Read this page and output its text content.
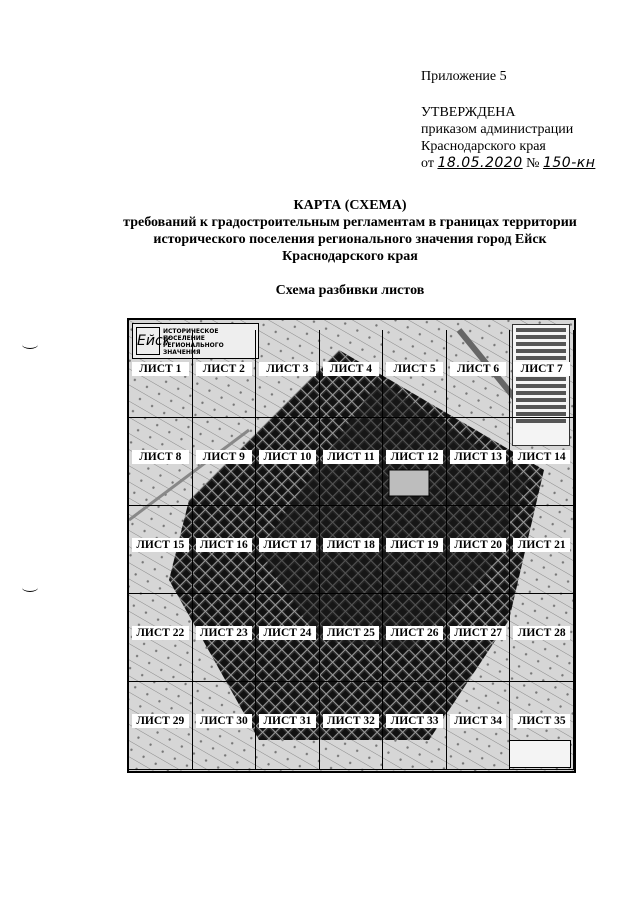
Приложение 5
УТВЕРЖДЕНА
приказом администрации
Краснодарского края
от 18.05.2020 № 150-кн
КАРТА (СХЕМА)
требований к градостроительным регламентам в границах территории
исторического поселения регионального значения город Ейск
Краснодарского края
Схема разбивки листов
Ейск
ИСТОРИЧЕСКОЕ ПОСЕЛЕНИЕ
РЕГИОНАЛЬНОГО ЗНАЧЕНИЯ
ЛИСТ 1	ЛИСТ 2	ЛИСТ 3	ЛИСТ 4	ЛИСТ 5	ЛИСТ 6	ЛИСТ 7
ЛИСТ 8	ЛИСТ 9	ЛИСТ 10	ЛИСТ 11	ЛИСТ 12	ЛИСТ 13	ЛИСТ 14
ЛИСТ 15	ЛИСТ 16	ЛИСТ 17	ЛИСТ 18	ЛИСТ 19	ЛИСТ 20	ЛИСТ 21
ЛИСТ 22	ЛИСТ 23	ЛИСТ 24	ЛИСТ 25	ЛИСТ 26	ЛИСТ 27	ЛИСТ 28
ЛИСТ 29	ЛИСТ 30	ЛИСТ 31	ЛИСТ 32	ЛИСТ 33	ЛИСТ 34	ЛИСТ 35
